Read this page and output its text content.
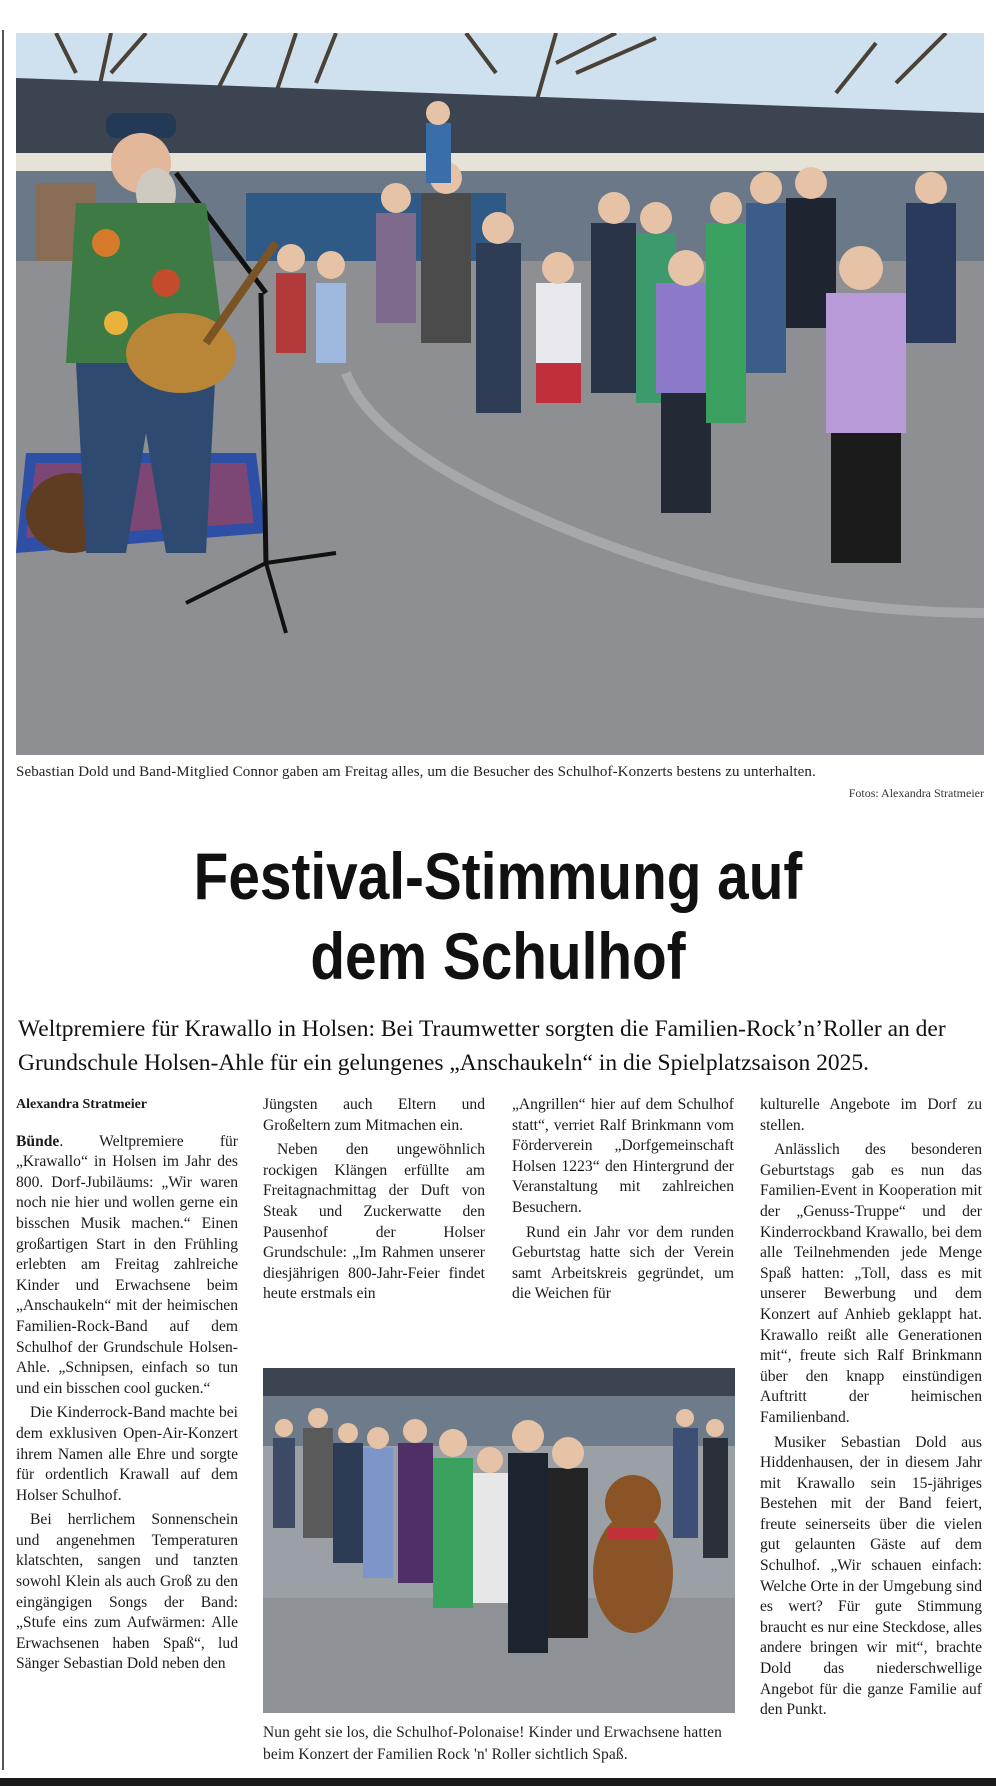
Sebastian Dold und Band-Mitglied Connor gaben am Freitag alles, um die Besucher des Schulhof-Konzerts bestens zu unterhalten.
Fotos: Alexandra Stratmeier
Festival-Stimmung auf
dem Schulhof
Weltpremiere für Krawallo in Holsen: Bei Traumwetter sorgten die Familien-Rock’n’Roller an der Grundschule Holsen-Ahle für ein gelungenes „Anschaukeln“ in die Spielplatzsaison 2025.

Alexandra Stratmeier

Bünde. Weltpremiere für „Krawallo“ in Holsen im Jahr des 800. Dorf-Jubiläums: „Wir waren noch nie hier und wollen gerne ein bisschen Musik machen.“ Einen großartigen Start in den Frühling erlebten am Freitag zahlreiche Kinder und Erwachsene beim „Anschaukeln“ mit der heimischen Familien-Rock-Band auf dem Schulhof der Grundschule Holsen-Ahle. „Schnipsen, einfach so tun und ein bisschen cool gucken.“

Die Kinderrock-Band machte bei dem exklusiven Open-Air-Konzert ihrem Namen alle Ehre und sorgte für ordentlich Krawall auf dem Holser Schulhof.

Bei herrlichem Sonnenschein und angenehmen Temperaturen klatschten, sangen und tanzten sowohl Klein als auch Groß zu den eingängigen Songs der Band: „Stufe eins zum Aufwärmen: Alle Erwachsenen haben Spaß“, lud Sänger Sebastian Dold neben den

Jüngsten auch Eltern und Großeltern zum Mitmachen ein.

Neben den ungewöhnlich rockigen Klängen erfüllte am Freitagnachmittag der Duft von Steak und Zuckerwatte den Pausenhof der Holser Grundschule: „Im Rahmen unserer diesjährigen 800-Jahr-Feier findet heute erstmals ein

„Angrillen“ hier auf dem Schulhof statt“, verriet Ralf Brinkmann vom Förderverein „Dorfgemeinschaft Holsen 1223“ den Hintergrund der Veranstaltung mit zahlreichen Besuchern.

Rund ein Jahr vor dem runden Geburtstag hatte sich der Verein samt Arbeitskreis gegründet, um die Weichen für

kulturelle Angebote im Dorf zu stellen.

Anlässlich des besonderen Geburtstags gab es nun das Familien-Event in Kooperation mit der „Genuss-Truppe“ und der Kinderrockband Krawallo, bei dem alle Teilnehmenden jede Menge Spaß hatten: „Toll, dass es mit unserer Bewerbung und dem Konzert auf Anhieb geklappt hat. Krawallo reißt alle Generationen mit“, freute sich Ralf Brinkmann über den knapp einstündigen Auftritt der heimischen Familienband.

Musiker Sebastian Dold aus Hiddenhausen, der in diesem Jahr mit Krawallo sein 15-jähriges Bestehen mit der Band feiert, freute seinerseits über die vielen gut gelaunten Gäste auf dem Schulhof. „Wir schauen einfach: Welche Orte in der Umgebung sind es wert? Für gute Stimmung braucht es nur eine Steckdose, alles andere bringen wir mit“, brachte Dold das niederschwellige Angebot für die ganze Familie auf den Punkt.

Nun geht sie los, die Schulhof-Polonaise! Kinder und Erwachsene hatten beim Konzert der Familien Rock 'n' Roller sichtlich Spaß.
